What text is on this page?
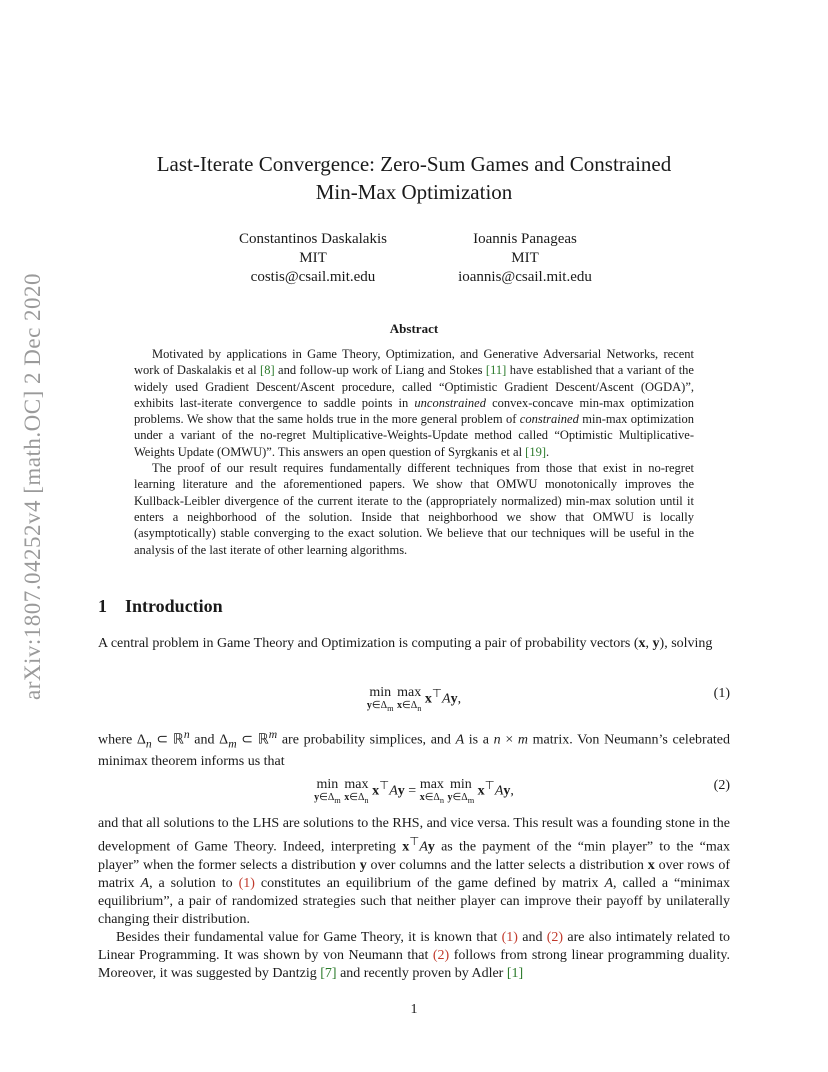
arXiv:1807.04252v4 [math.OC] 2 Dec 2020
Last-Iterate Convergence: Zero-Sum Games and Constrained
Min-Max Optimization
Constantinos Daskalakis
MIT
costis@csail.mit.edu
Ioannis Panageas
MIT
ioannis@csail.mit.edu
Abstract

Motivated by applications in Game Theory, Optimization, and Generative Adversarial Networks, recent work of Daskalakis et al [8] and follow-up work of Liang and Stokes [11] have established that a variant of the widely used Gradient Descent/Ascent procedure, called “Optimistic Gradient Descent/Ascent (OGDA)”, exhibits last-iterate convergence to saddle points in unconstrained convex-concave min-max optimization problems. We show that the same holds true in the more general problem of constrained min-max optimization under a variant of the no-regret Multiplicative-Weights-Update method called “Optimistic Multiplicative-Weights Update (OMWU)”. This answers an open question of Syrgkanis et al [19].

The proof of our result requires fundamentally different techniques from those that exist in no-regret learning literature and the aforementioned papers. We show that OMWU monotonically improves the Kullback-Leibler divergence of the current iterate to the (appropriately normalized) min-max solution until it enters a neighborhood of the solution. Inside that neighborhood we show that OMWU is locally (asymptotically) stable converging to the exact solution. We believe that our techniques will be useful in the analysis of the last iterate of other learning algorithms.

1 Introduction

A central problem in Game Theory and Optimization is computing a pair of probability vectors (x, y), solving

min
$y\in\Delta_m$
max
$x\in\Delta_n$
x⊤Ay,	(1)

where $\Delta_n$ ⊂ ℝ$^n$ and $\Delta_m$ ⊂ ℝ$^m$ are probability simplices, and A is a n × m matrix. Von Neumann’s celebrated minimax theorem informs us that

min
$y\in\Delta_m$
max
$x\in\Delta_n$
x⊤Ay = max
$x\in\Delta_n$
min
$y\in\Delta_m$
x⊤Ay,	(2)

and that all solutions to the LHS are solutions to the RHS, and vice versa. This result was a founding stone in the development of Game Theory. Indeed, interpreting x⊤Ay as the payment of the “min player” to the “max player” when the former selects a distribution y over columns and the latter selects a distribution x over rows of matrix A, a solution to (1) constitutes an equilibrium of the game defined by matrix A, called a “minimax equilibrium”, a pair of randomized strategies such that neither player can improve their payoff by unilaterally changing their distribution.

Besides their fundamental value for Game Theory, it is known that (1) and (2) are also intimately related to Linear Programming. It was shown by von Neumann that (2) follows from strong linear programming duality. Moreover, it was suggested by Dantzig [7] and recently proven by Adler [1]

1
